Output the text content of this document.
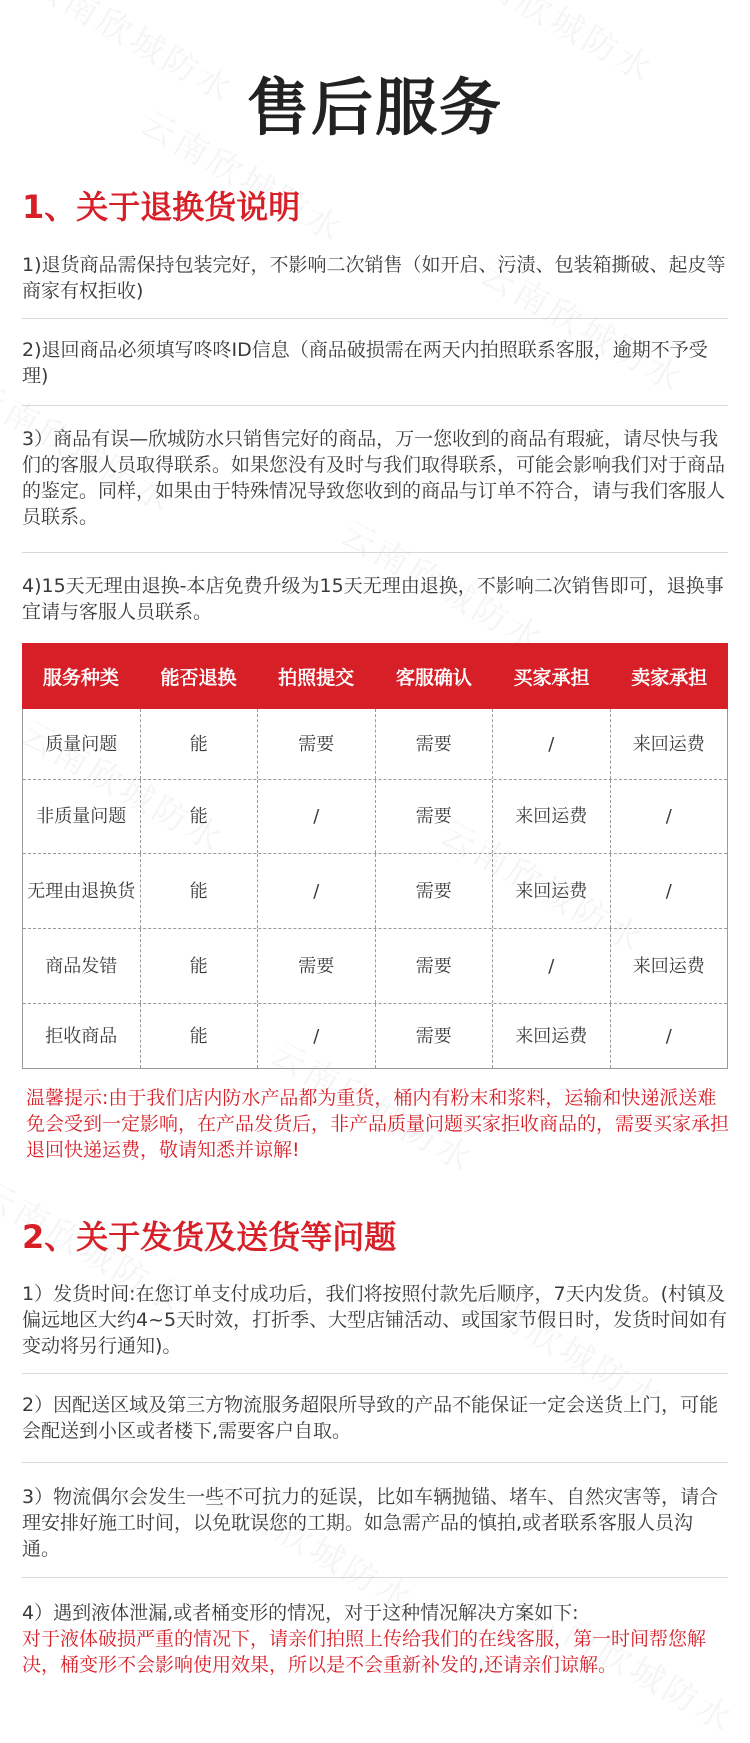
售后服务
1、关于退换货说明
1)退货商品需保持包装完好，不影响二次销售（如开启、污渍、包装箱撕破、起皮等商家有权拒收)
2)退回商品必须填写咚咚ID信息（商品破损需在两天内拍照联系客服，逾期不予受理)
3）商品有误—欣城防水只销售完好的商品，万一您收到的商品有瑕疵，请尽快与我们的客服人员取得联系。如果您没有及时与我们取得联系，可能会影响我们对于商品的鉴定。同样，如果由于特殊情况导致您收到的商品与订单不符合，请与我们客服人员联系。
4)15天无理由退换-本店免费升级为15天无理由退换，不影响二次销售即可，退换事宜请与客服人员联系。
服务种类	能否退换	拍照提交	客服确认	买家承担	卖家承担
质量问题	能	需要	需要	/	来回运费
非质量问题	能	/	需要	来回运费	/
无理由退换货	能	/	需要	来回运费	/
商品发错	能	需要	需要	/	来回运费
拒收商品	能	/	需要	来回运费	/
温馨提示:由于我们店内防水产品都为重货，桶内有粉末和浆料，运输和快递派送难免会受到一定影响，在产品发货后，非产品质量问题买家拒收商品的，需要买家承担退回快递运费，敬请知悉并谅解!
2、关于发货及送货等问题
1）发货时间:在您订单支付成功后，我们将按照付款先后顺序，7天内发货。(村镇及偏远地区大约4~5天时效，打折季、大型店铺活动、或国家节假日时，发货时间如有变动将另行通知)。
2）因配送区域及第三方物流服务超限所导致的产品不能保证一定会送货上门，可能会配送到小区或者楼下,需要客户自取。
3）物流偶尔会发生一些不可抗力的延误，比如车辆抛锚、堵车、自然灾害等，请合理安排好施工时间，以免耽误您的工期。如急需产品的慎拍,或者联系客服人员沟通。
4）遇到液体泄漏,或者桶变形的情况，对于这种情况解决方案如下:
对于液体破损严重的情况下，请亲们拍照上传给我们的在线客服，第一时间帮您解决，桶变形不会影响使用效果，所以是不会重新补发的,还请亲们谅解。
